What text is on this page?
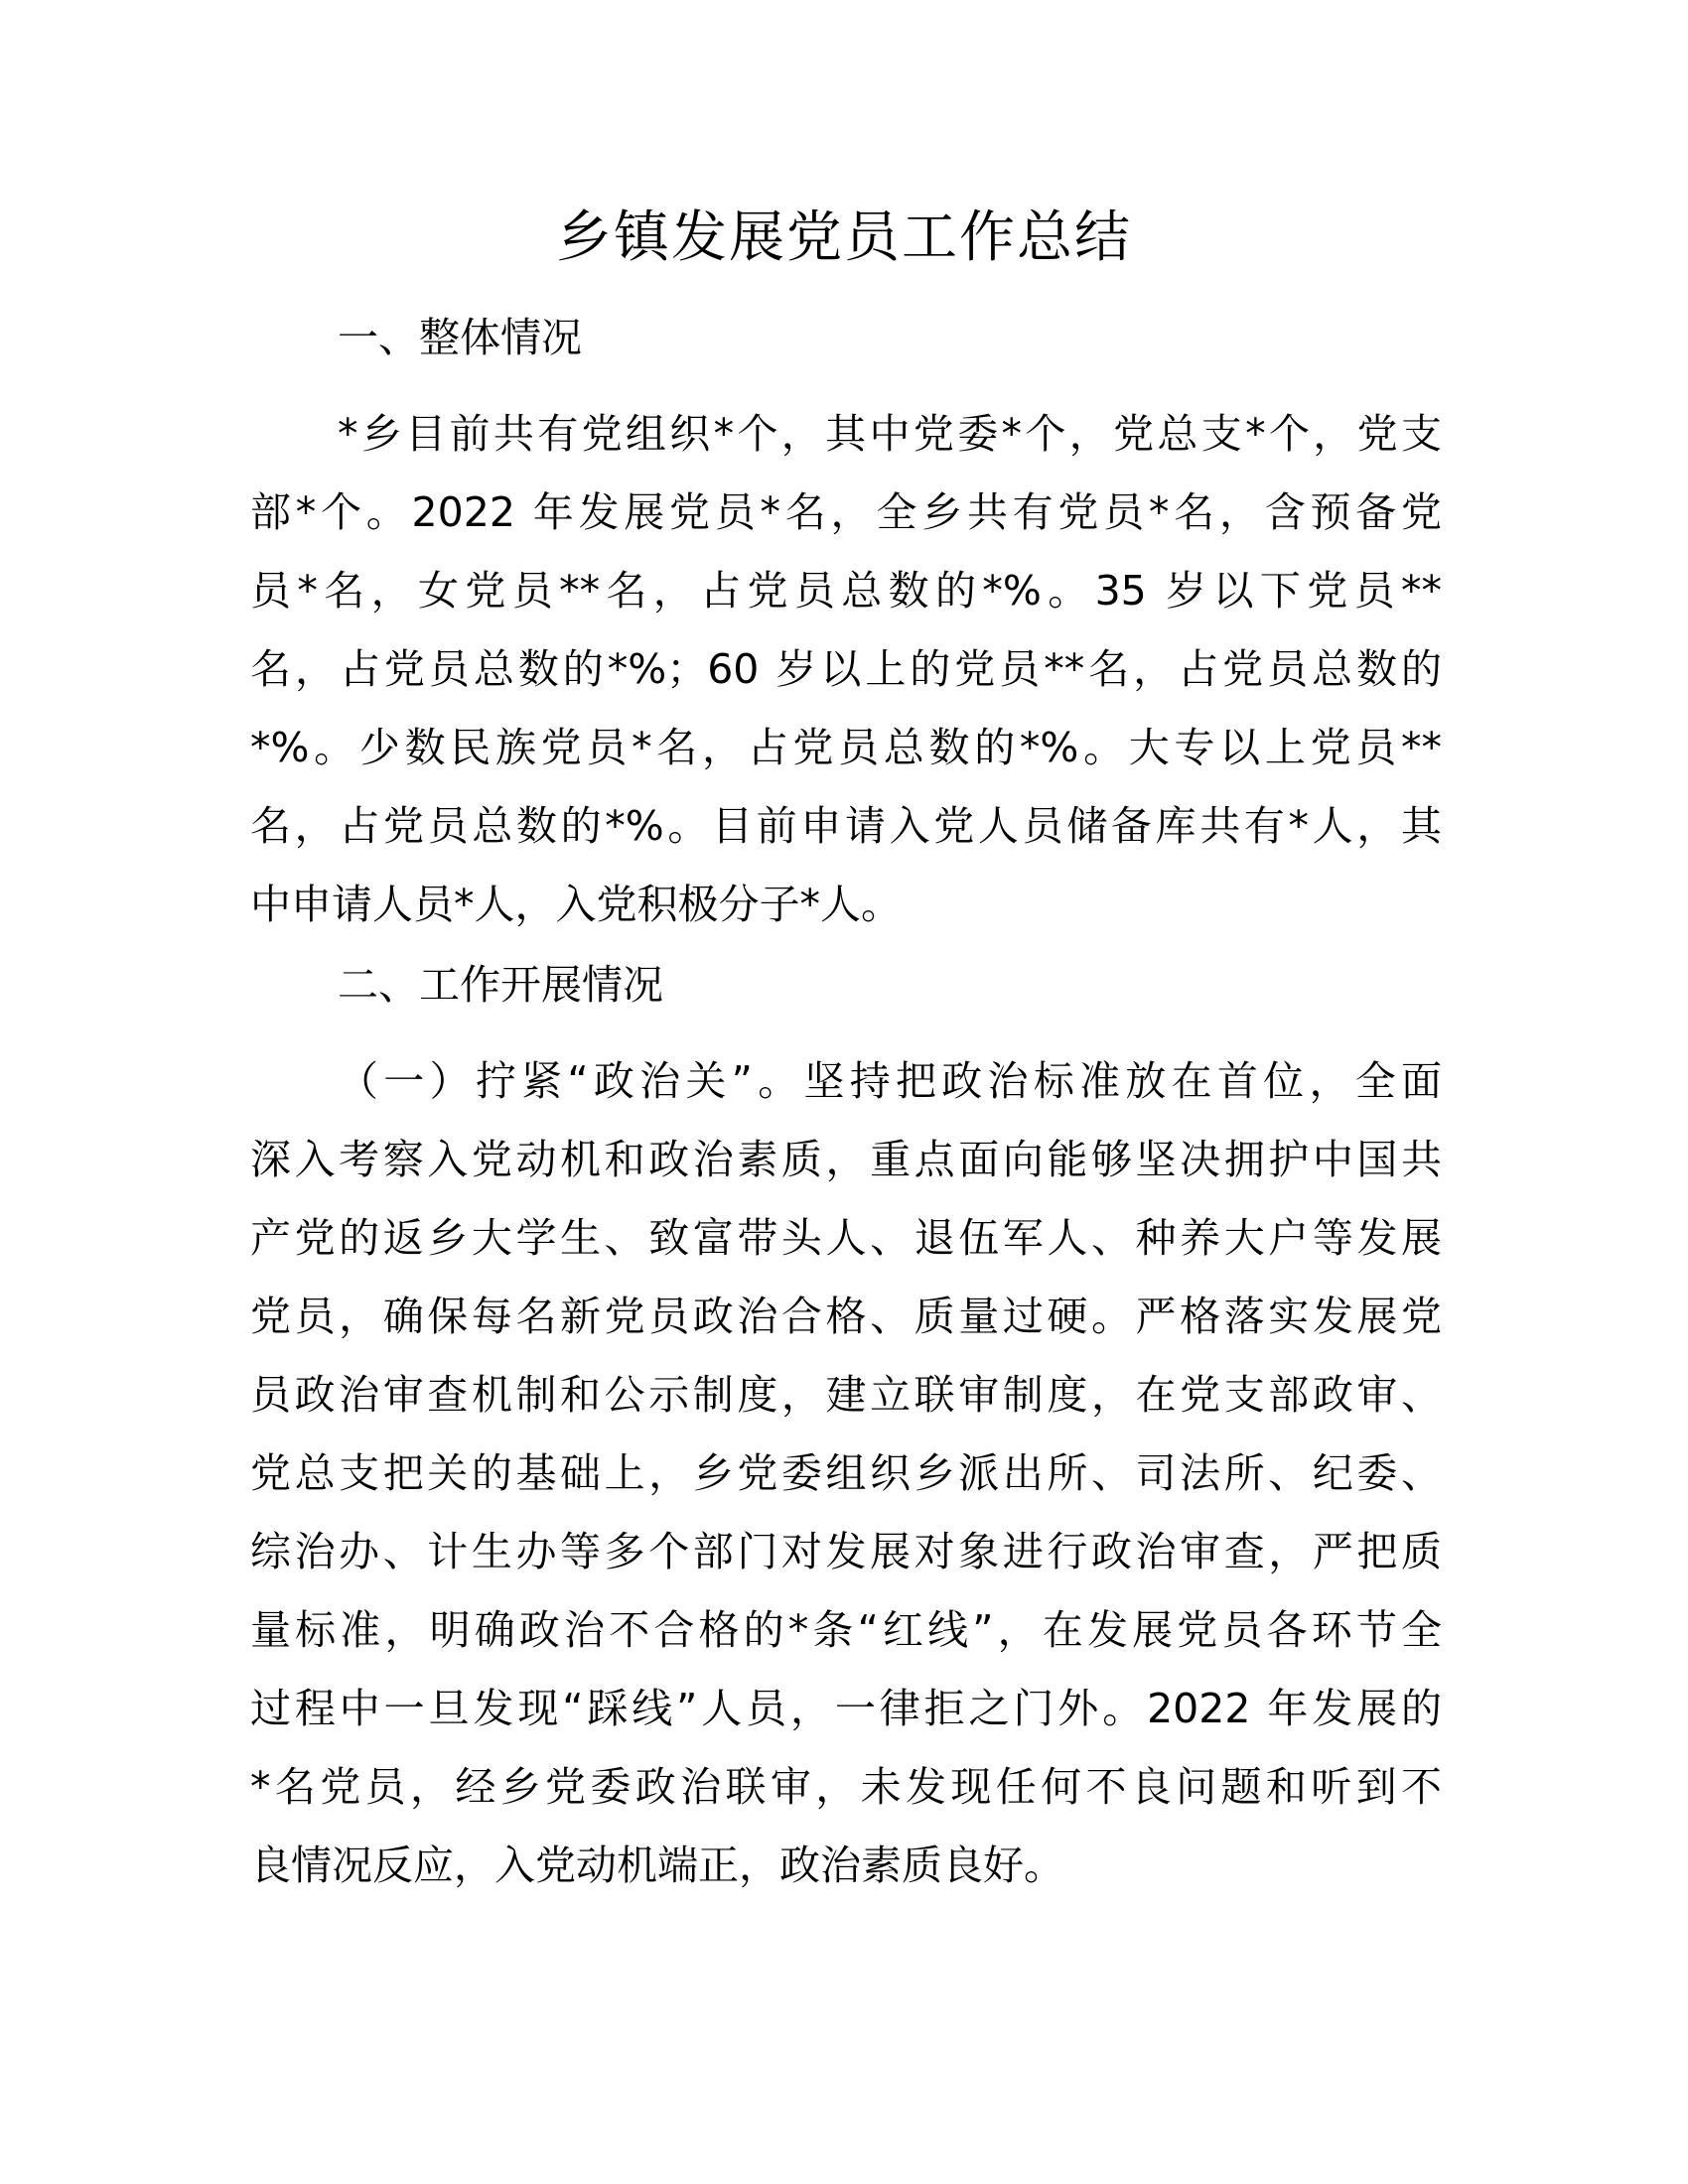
乡镇发展党员工作总结
一、整体情况
*乡目前共有党组织*个，其中党委*个，党总支*个，党支
部*个。2022 年发展党员*名，全乡共有党员*名，含预备党
员*名，女党员**名，占党员总数的*%。35 岁以下党员**
名，占党员总数的*%；60 岁以上的党员**名，占党员总数的
*%。少数民族党员*名，占党员总数的*%。大专以上党员**
名，占党员总数的*%。目前申请入党人员储备库共有*人，其
中申请人员*人，入党积极分子*人。
二、工作开展情况
（一）拧紧“政治关”。坚持把政治标准放在首位，全面
深入考察入党动机和政治素质，重点面向能够坚决拥护中国共
产党的返乡大学生、致富带头人、退伍军人、种养大户等发展
党员，确保每名新党员政治合格、质量过硬。严格落实发展党
员政治审查机制和公示制度，建立联审制度，在党支部政审、
党总支把关的基础上，乡党委组织乡派出所、司法所、纪委、
综治办、计生办等多个部门对发展对象进行政治审查，严把质
量标准，明确政治不合格的*条“红线”，在发展党员各环节全
过程中一旦发现“踩线”人员，一律拒之门外。2022 年发展的
*名党员，经乡党委政治联审，未发现任何不良问题和听到不
良情况反应，入党动机端正，政治素质良好。
